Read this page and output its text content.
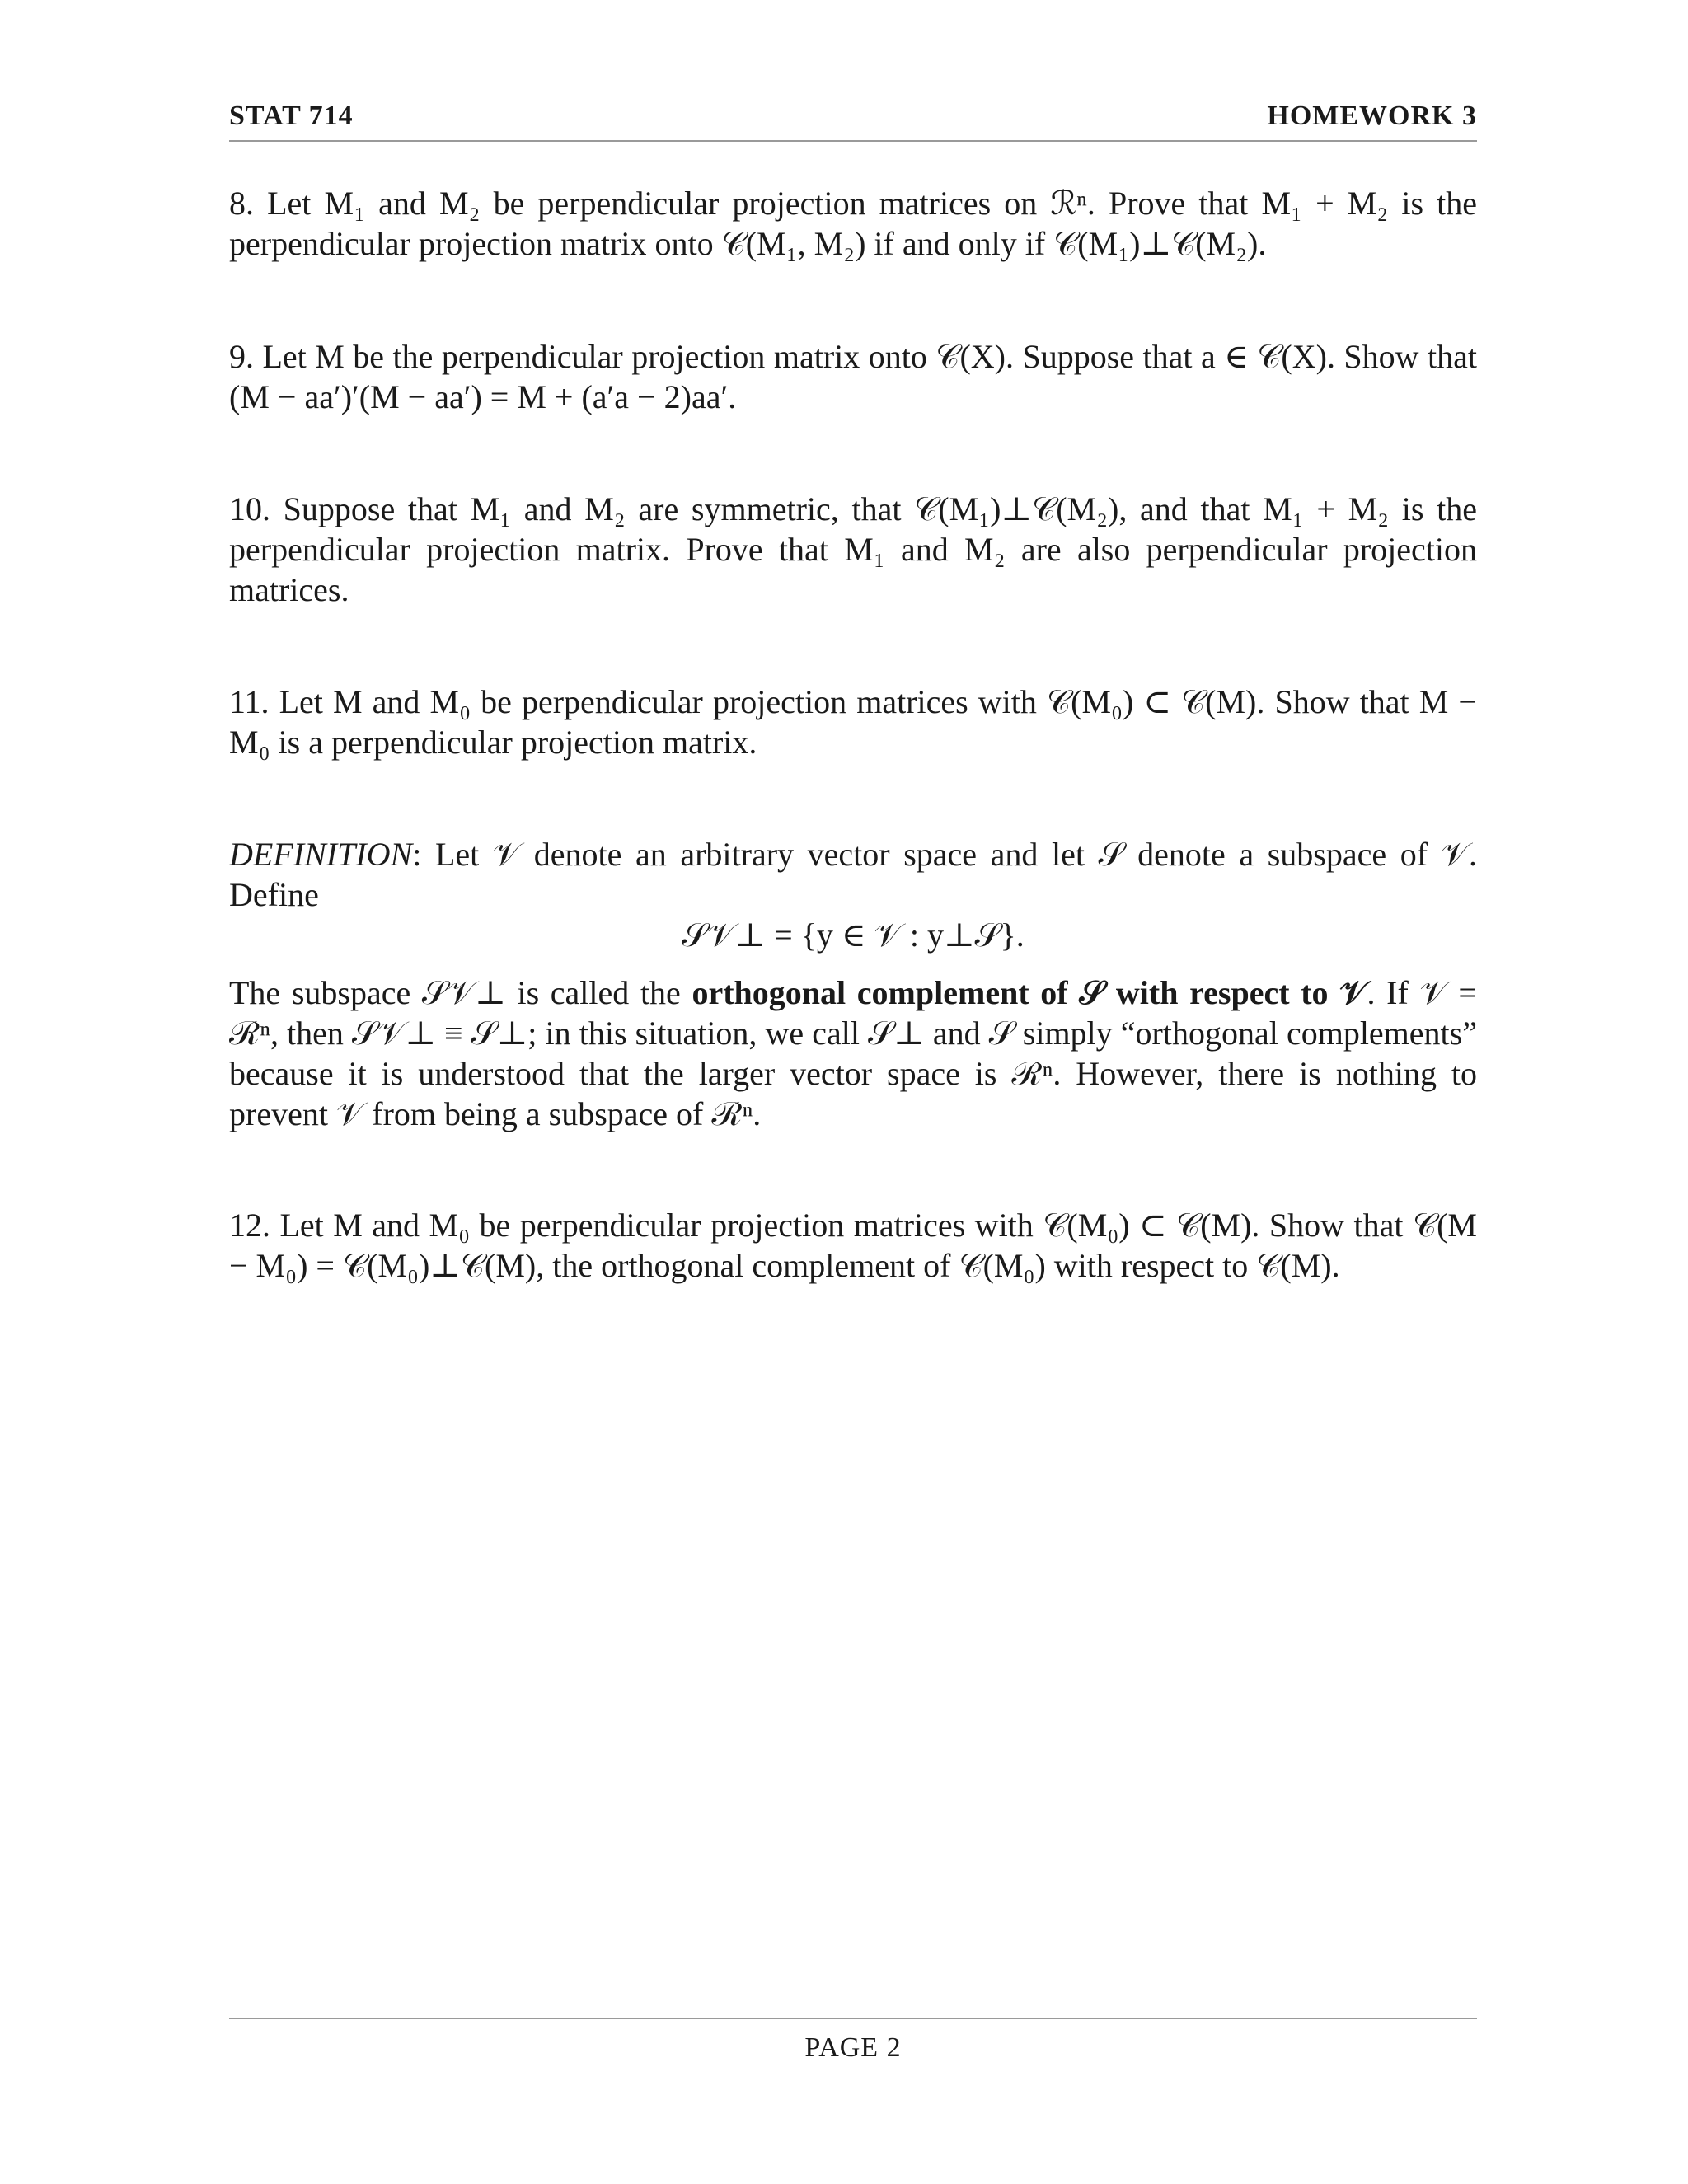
STAT 714	HOMEWORK 3
8. Let M₁ and M₂ be perpendicular projection matrices on ℛⁿ. Prove that M₁ + M₂ is the perpendicular projection matrix onto 𝒞(M₁, M₂) if and only if 𝒞(M₁)⊥𝒞(M₂).
9. Let M be the perpendicular projection matrix onto 𝒞(X). Suppose that a ∈ 𝒞(X). Show that (M − aa′)′(M − aa′) = M + (a′a − 2)aa′.
10. Suppose that M₁ and M₂ are symmetric, that 𝒞(M₁)⊥𝒞(M₂), and that M₁ + M₂ is the perpendicular projection matrix. Prove that M₁ and M₂ are also perpendicular projection matrices.
11. Let M and M₀ be perpendicular projection matrices with 𝒞(M₀) ⊂ 𝒞(M). Show that M − M₀ is a perpendicular projection matrix.
DEFINITION: Let 𝒱 denote an arbitrary vector space and let 𝒮 denote a subspace of 𝒱. Define
𝒮𝒱⊥ = {y ∈ 𝒱 : y⊥𝒮}.
The subspace 𝒮𝒱⊥ is called the orthogonal complement of 𝒮 with respect to 𝒱. If 𝒱 = ℛⁿ, then 𝒮𝒱⊥ ≡ 𝒮⊥; in this situation, we call 𝒮⊥ and 𝒮 simply “orthogonal complements” because it is understood that the larger vector space is ℛⁿ. However, there is nothing to prevent 𝒱 from being a subspace of ℛⁿ.
12. Let M and M₀ be perpendicular projection matrices with 𝒞(M₀) ⊂ 𝒞(M). Show that 𝒞(M − M₀) = 𝒞(M₀)⊥𝒞(M), the orthogonal complement of 𝒞(M₀) with respect to 𝒞(M).
PAGE 2
